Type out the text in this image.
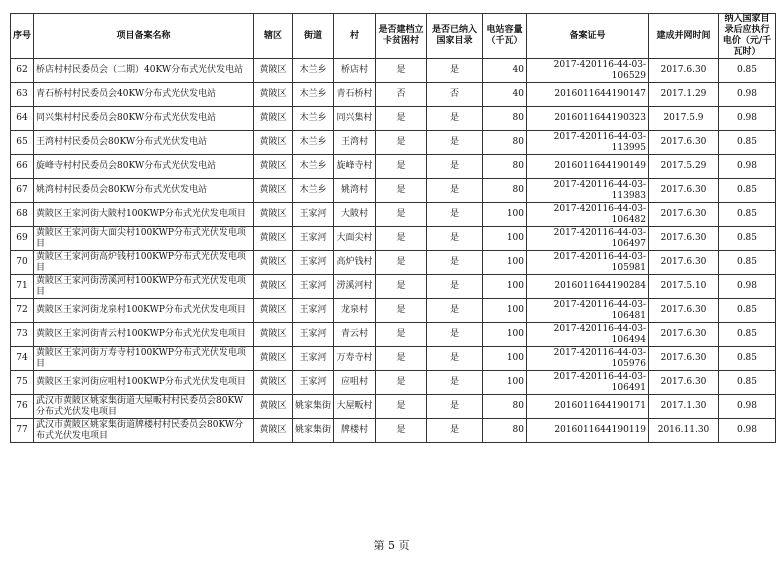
序号	项目备案名称	辖区	街道	村	是否建档立卡贫困村	是否已纳入国家目录	电站容量（千瓦）	备案证号	建成并网时间	纳入国家目录后应执行电价（元/千瓦时）
62	桥店村村民委员会（二期）40KW分布式光伏发电站	黄陂区	木兰乡	桥店村	是	是	40	2017-420116-44-03-106529	2017.6.30	0.85
63	青石桥村村民委员会40KW分布式光伏发电站	黄陂区	木兰乡	青石桥村	否	否	40	2016011644190147	2017.1.29	0.98
64	同兴集村村民委员会80KW分布式光伏发电站	黄陂区	木兰乡	同兴集村	是	是	80	2016011644190323	2017.5.9	0.98
65	王湾村村民委员会80KW分布式光伏发电站	黄陂区	木兰乡	王湾村	是	是	80	2017-420116-44-03-113995	2017.6.30	0.85
66	旋峰寺村村民委员会80KW分布式光伏发电站	黄陂区	木兰乡	旋峰寺村	是	是	80	2016011644190149	2017.5.29	0.98
67	姚湾村村民委员会80KW分布式光伏发电站	黄陂区	木兰乡	姚湾村	是	是	80	2017-420116-44-03-113983	2017.6.30	0.85
68	黄陂区王家河街大陂村100KWP分布式光伏发电项目	黄陂区	王家河	大陂村	是	是	100	2017-420116-44-03-106482	2017.6.30	0.85
69	黄陂区王家河街大面尖村100KWP分布式光伏发电项目	黄陂区	王家河	大面尖村	是	是	100	2017-420116-44-03-106497	2017.6.30	0.85
70	黄陂区王家河街高炉钱村100KWP分布式光伏发电项目	黄陂区	王家河	高炉钱村	是	是	100	2017-420116-44-03-105981	2017.6.30	0.85
71	黄陂区王家河街涝溪河村100KWP分布式光伏发电项目	黄陂区	王家河	涝溪河村	是	是	100	2016011644190284	2017.5.10	0.98
72	黄陂区王家河街龙泉村100KWP分布式光伏发电项目	黄陂区	王家河	龙泉村	是	是	100	2017-420116-44-03-106481	2017.6.30	0.85
73	黄陂区王家河街青云村100KWP分布式光伏发电项目	黄陂区	王家河	青云村	是	是	100	2017-420116-44-03-106494	2017.6.30	0.85
74	黄陂区王家河街万寿寺村100KWP分布式光伏发电项目	黄陂区	王家河	万寿寺村	是	是	100	2017-420116-44-03-105976	2017.6.30	0.85
75	黄陂区王家河街应咀村100KWP分布式光伏发电项目	黄陂区	王家河	应咀村	是	是	100	2017-420116-44-03-106491	2017.6.30	0.85
76	武汉市黄陂区姚家集街道大屋畈村村民委员会80KW分布式光伏发电项目	黄陂区	姚家集街	大屋畈村	是	是	80	2016011644190171	2017.1.30	0.98
77	武汉市黄陂区姚家集街道牌楼村村民委员会80KW分布式光伏发电项目	黄陂区	姚家集街	牌楼村	是	是	80	2016011644190119	2016.11.30	0.98
第 5 页
